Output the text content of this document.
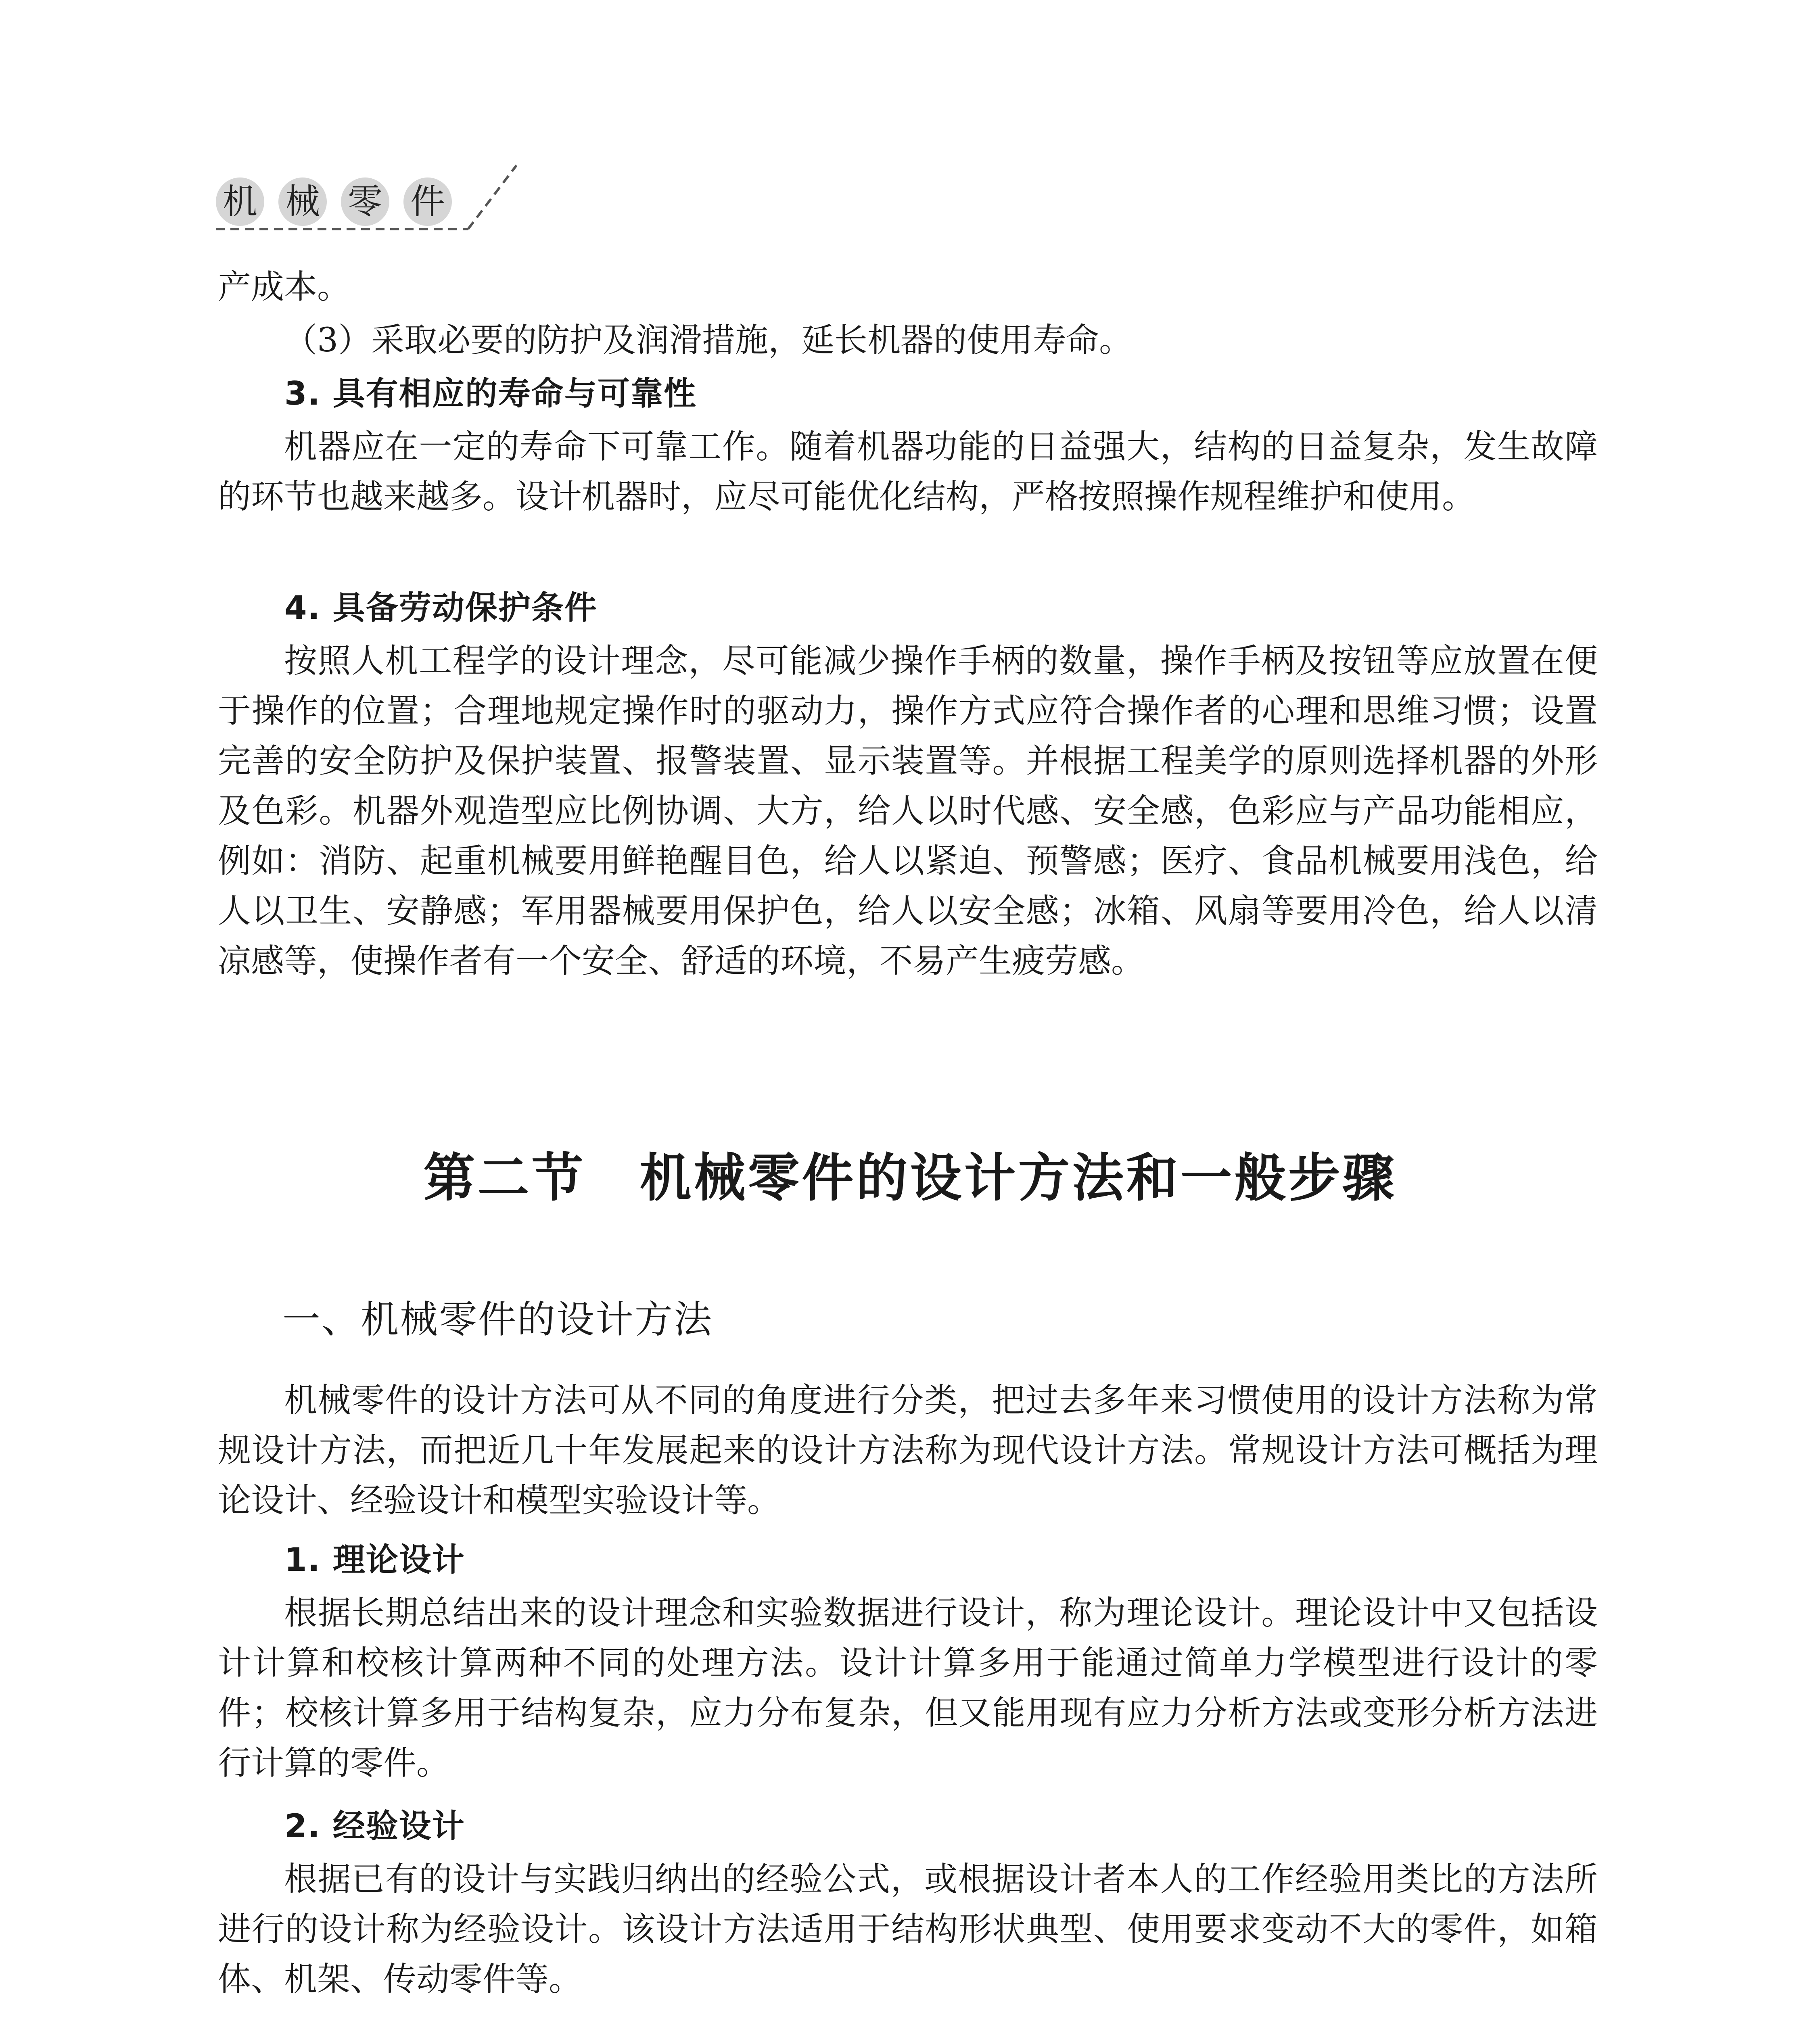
机 械 零 件
产成本。
（3）采取必要的防护及润滑措施，延长机器的使用寿命。
3. 具有相应的寿命与可靠性
机器应在一定的寿命下可靠工作。随着机器功能的日益强大，结构的日益复杂，发生故障的环节也越来越多。设计机器时，应尽可能优化结构，严格按照操作规程维护和使用。
4. 具备劳动保护条件
按照人机工程学的设计理念，尽可能减少操作手柄的数量，操作手柄及按钮等应放置在便于操作的位置；合理地规定操作时的驱动力，操作方式应符合操作者的心理和思维习惯；设置完善的安全防护及保护装置、报警装置、显示装置等。并根据工程美学的原则选择机器的外形及色彩。机器外观造型应比例协调、大方，给人以时代感、安全感，色彩应与产品功能相应，例如：消防、起重机械要用鲜艳醒目色，给人以紧迫、预警感；医疗、食品机械要用浅色，给人以卫生、安静感；军用器械要用保护色，给人以安全感；冰箱、风扇等要用冷色，给人以清凉感等，使操作者有一个安全、舒适的环境，不易产生疲劳感。
第二节　机械零件的设计方法和一般步骤
一、机械零件的设计方法
机械零件的设计方法可从不同的角度进行分类，把过去多年来习惯使用的设计方法称为常规设计方法，而把近几十年发展起来的设计方法称为现代设计方法。常规设计方法可概括为理论设计、经验设计和模型实验设计等。
1. 理论设计
根据长期总结出来的设计理念和实验数据进行设计，称为理论设计。理论设计中又包括设计计算和校核计算两种不同的处理方法。设计计算多用于能通过简单力学模型进行设计的零件；校核计算多用于结构复杂，应力分布复杂，但又能用现有应力分析方法或变形分析方法进行计算的零件。
2. 经验设计
根据已有的设计与实践归纳出的经验公式，或根据设计者本人的工作经验用类比的方法所进行的设计称为经验设计。该设计方法适用于结构形状典型、使用要求变动不大的零件，如箱体、机架、传动零件等。
